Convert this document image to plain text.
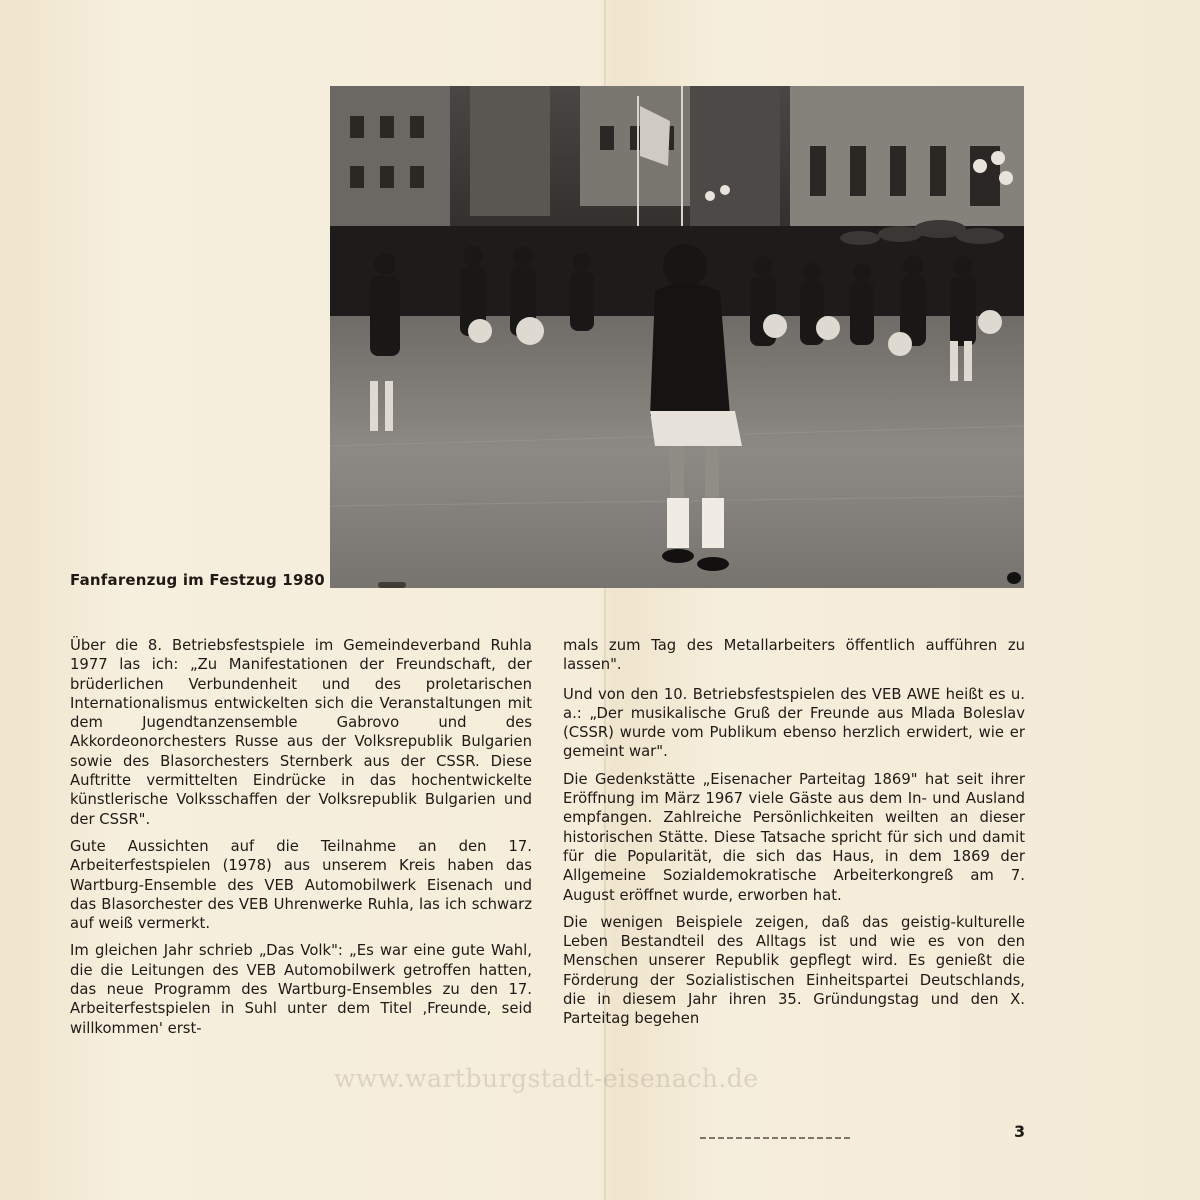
Fanfarenzug im Festzug 1980

Über die 8. Betriebsfestspiele im Gemeindeverband Ruhla 1977 las ich: „Zu Manifestationen der Freundschaft, der brüderlichen Verbundenheit und des proletarischen Internationalismus entwickelten sich die Veranstaltungen mit dem Jugendtanzensemble Gabrovo und des Akkordeonorchesters Russe aus der Volksrepublik Bulgarien sowie des Blasorchesters Sternberk aus der CSSR. Diese Auftritte vermittelten Eindrücke in das hochentwickelte künstlerische Volksschaffen der Volksrepublik Bulgarien und der CSSR".

Gute Aussichten auf die Teilnahme an den 17. Arbeiterfestspielen (1978) aus unserem Kreis haben das Wartburg-Ensemble des VEB Automobilwerk Eisenach und das Blasorchester des VEB Uhrenwerke Ruhla, las ich schwarz auf weiß vermerkt.

Im gleichen Jahr schrieb „Das Volk": „Es war eine gute Wahl, die die Leitungen des VEB Automobilwerk getroffen hatten, das neue Programm des Wartburg-Ensembles zu den 17. Arbeiterfestspielen in Suhl unter dem Titel ‚Freunde, seid willkommen' erst-

mals zum Tag des Metallarbeiters öffentlich aufführen zu lassen".

Und von den 10. Betriebsfestspielen des VEB AWE heißt es u. a.: „Der musikalische Gruß der Freunde aus Mlada Boleslav (CSSR) wurde vom Publikum ebenso herzlich erwidert, wie er gemeint war".

Die Gedenkstätte „Eisenacher Parteitag 1869" hat seit ihrer Eröffnung im März 1967 viele Gäste aus dem In- und Ausland empfangen. Zahlreiche Persönlichkeiten weilten an dieser historischen Stätte. Diese Tatsache spricht für sich und damit für die Popularität, die sich das Haus, in dem 1869 der Allgemeine Sozialdemokratische Arbeiterkongreß am 7. August eröffnet wurde, erworben hat.

Die wenigen Beispiele zeigen, daß das geistig-kulturelle Leben Bestandteil des Alltags ist und wie es von den Menschen unserer Republik gepflegt wird. Es genießt die Förderung der Sozialistischen Einheitspartei Deutschlands, die in diesem Jahr ihren 35. Gründungstag und den X. Parteitag begehen

www.wartburgstadt-eisenach.de
3
